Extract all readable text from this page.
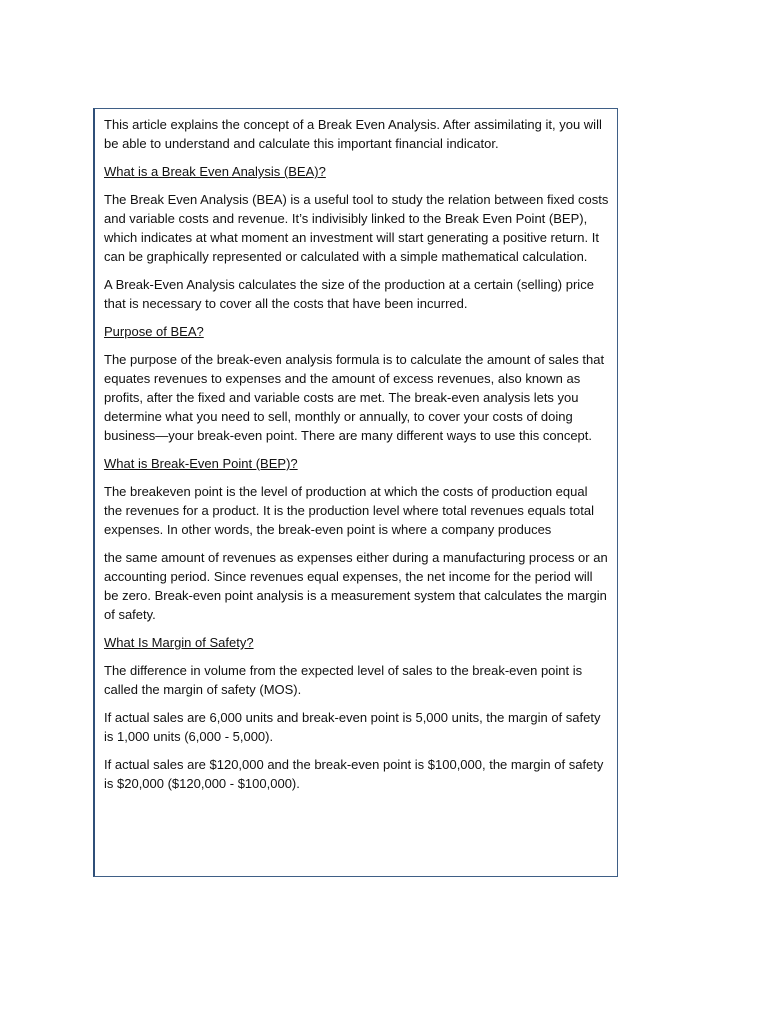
This article explains the concept of a Break Even Analysis. After assimilating it, you will be able to understand and calculate this important financial indicator.

What is a Break Even Analysis (BEA)?

The Break Even Analysis (BEA) is a useful tool to study the relation between fixed costs and variable costs and revenue. It’s indivisibly linked to the Break Even Point (BEP), which indicates at what moment an investment will start generating a positive return. It can be graphically represented or calculated with a simple mathematical calculation.

A Break-Even Analysis calculates the size of the production at a certain (selling) price that is necessary to cover all the costs that have been incurred.

Purpose of BEA?

The purpose of the break-even analysis formula is to calculate the amount of sales that equates revenues to expenses and the amount of excess revenues, also known as profits, after the fixed and variable costs are met. The break-even analysis lets you determine what you need to sell, monthly or annually, to cover your costs of doing business—your break-even point. There are many different ways to use this concept.

What is Break-Even Point (BEP)?

The breakeven point is the level of production at which the costs of production equal the revenues for a product. It is the production level where total revenues equals total expenses. In other words, the break-even point is where a company produces

the same amount of revenues as expenses either during a manufacturing process or an accounting period. Since revenues equal expenses, the net income for the period will be zero. Break-even point analysis is a measurement system that calculates the margin of safety.

What Is Margin of Safety?

The difference in volume from the expected level of sales to the break-even point is called the margin of safety (MOS).

If actual sales are 6,000 units and break-even point is 5,000 units, the margin of safety is 1,000 units (6,000 - 5,000).

If actual sales are $120,000 and the break-even point is $100,000, the margin of safety is $20,000 ($120,000 - $100,000).
